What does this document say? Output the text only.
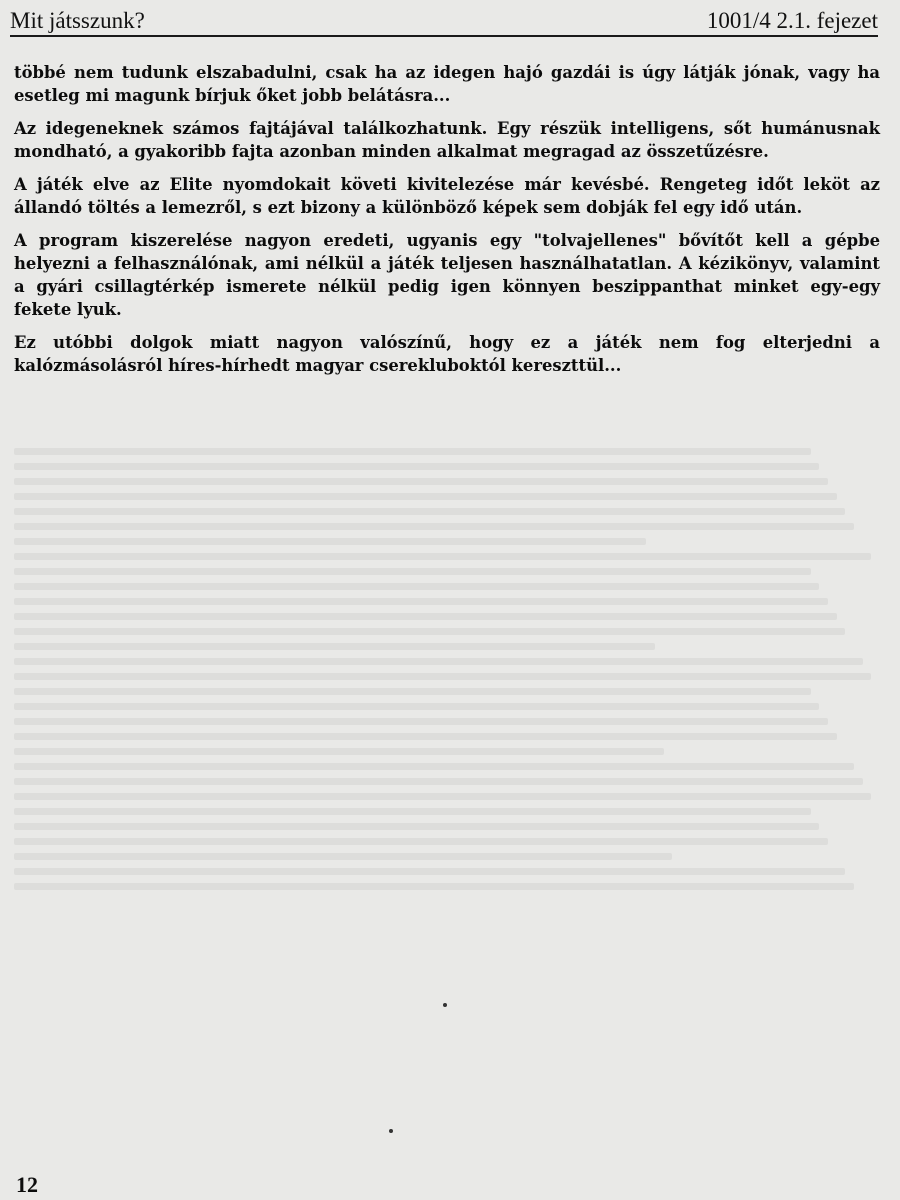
Mit játsszunk?	1001/4 2.1. fejezet

többé nem tudunk elszabadulni, csak ha az idegen hajó gazdái is úgy látják jónak, vagy ha esetleg mi magunk bírjuk őket jobb belátásra...

Az idegeneknek számos fajtájával találkozhatunk. Egy részük intelligens, sőt humánusnak mondható, a gyakoribb fajta azonban minden alkalmat megragad az összetűzésre.

A játék elve az Elite nyomdokait követi kivitelezése már kevésbé. Rengeteg időt leköt az állandó töltés a lemezről, s ezt bizony a különböző képek sem dobják fel egy idő után.

A program kiszerelése nagyon eredeti, ugyanis egy "tolvajellenes" bővítőt kell a gépbe helyezni a felhasználónak, ami nélkül a játék teljesen használhatatlan. A kézikönyv, valamint a gyári csillagtérkép ismerete nélkül pedig igen könnyen beszippanthat minket egy-egy fekete lyuk.

Ez utóbbi dolgok miatt nagyon valószínű, hogy ez a játék nem fog elterjedni a kalózmásolásról híres-hírhedt magyar cserekluboktól kereszttül...

12
